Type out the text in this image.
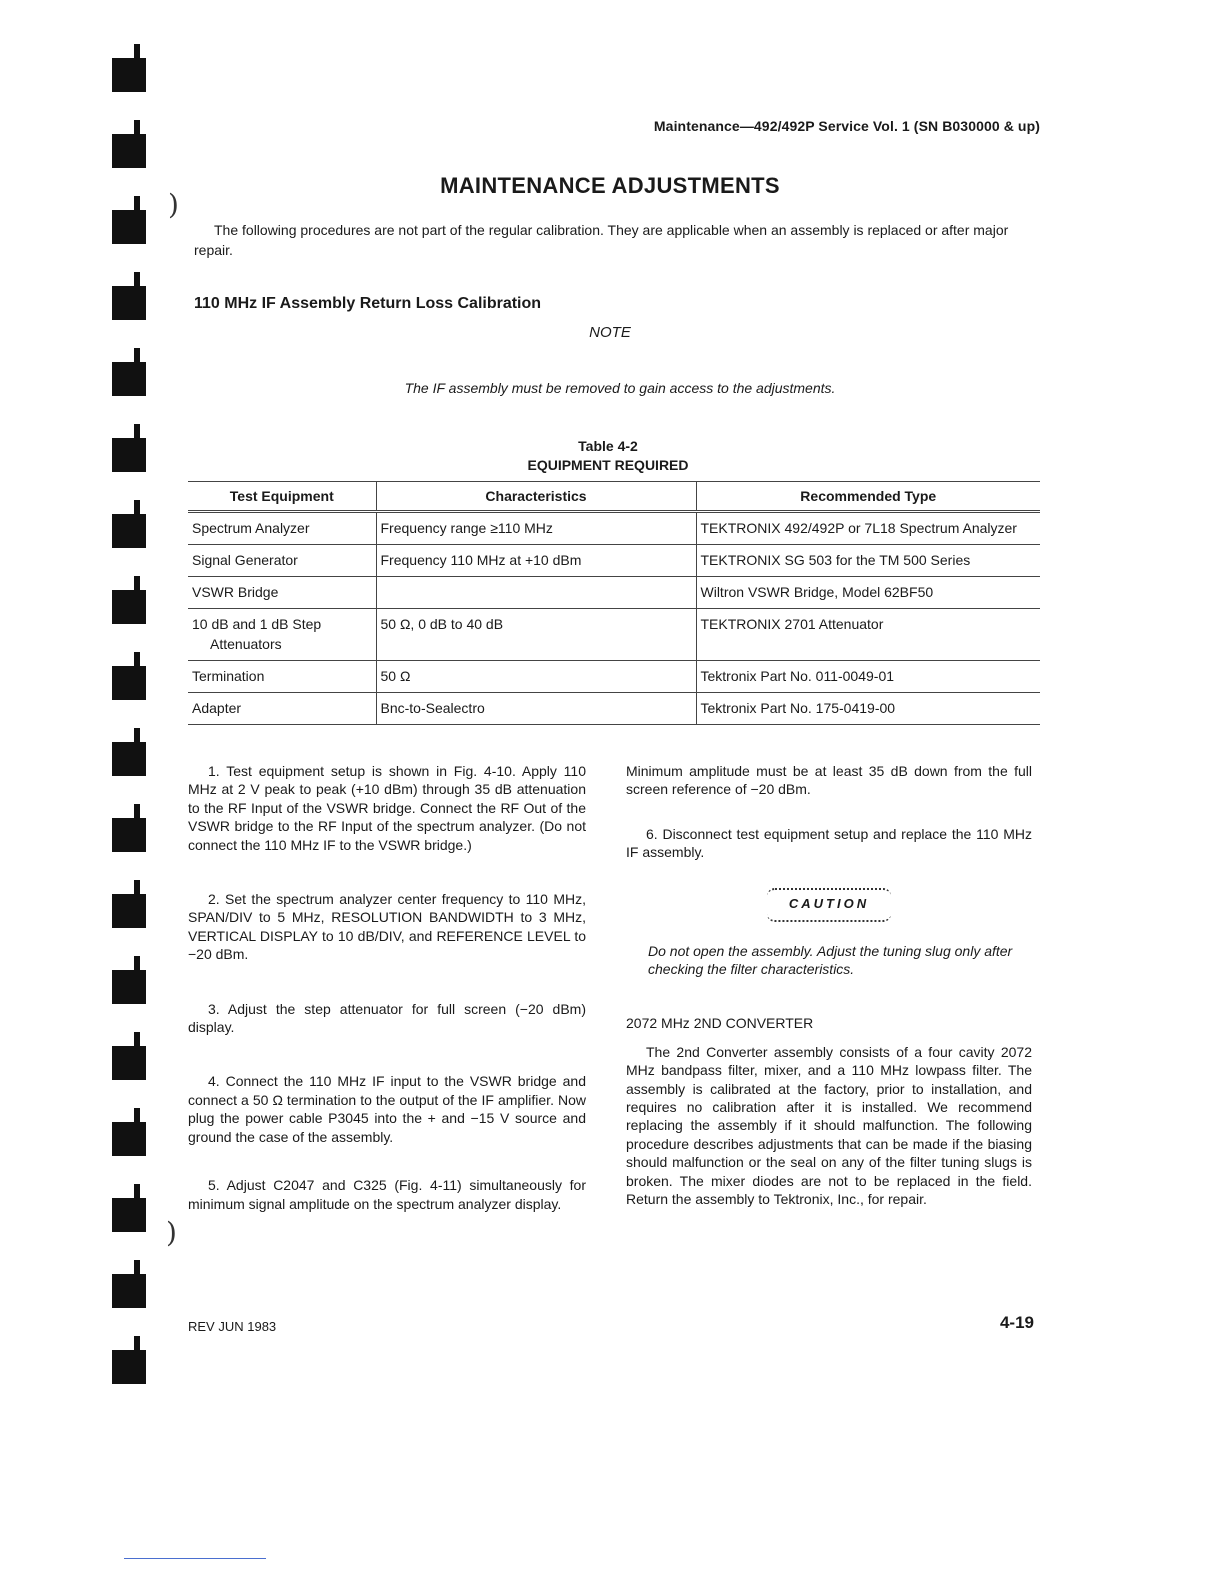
)
)
Maintenance—492/492P Service Vol. 1 (SN B030000 & up)
MAINTENANCE ADJUSTMENTS

The following procedures are not part of the regular calibration. They are applicable when an assembly is replaced or after major repair.

110 MHz IF Assembly Return Loss Calibration
NOTE
The IF assembly must be removed to gain access to the adjustments.
Table 4-2
EQUIPMENT REQUIRED
Test Equipment	Characteristics	Recommended Type
Spectrum Analyzer	Frequency range ≥110 MHz	TEKTRONIX 492/492P or 7L18 Spectrum Analyzer
Signal Generator	Frequency 110 MHz at +10 dBm	TEKTRONIX SG 503 for the TM 500 Series
VSWR Bridge		Wiltron VSWR Bridge, Model 62BF50

10 dB and 1 dB Step Attenuators	50 Ω, 0 dB to 40 dB	TEKTRONIX 2701 Attenuator
Termination	50 Ω	Tektronix Part No. 011-0049-01
Adapter	Bnc-to-Sealectro	Tektronix Part No. 175-0419-00

1. Test equipment setup is shown in Fig. 4-10. Apply 110 MHz at 2 V peak to peak (+10 dBm) through 35 dB attenuation to the RF Input of the VSWR bridge. Connect the RF Out of the VSWR bridge to the RF Input of the spectrum analyzer. (Do not connect the 110 MHz IF to the VSWR bridge.)

2. Set the spectrum analyzer center frequency to 110 MHz, SPAN/DIV to 5 MHz, RESOLUTION BANDWIDTH to 3 MHz, VERTICAL DISPLAY to 10 dB/DIV, and REFERENCE LEVEL to −20 dBm.

3. Adjust the step attenuator for full screen (−20 dBm) display.

4. Connect the 110 MHz IF input to the VSWR bridge and connect a 50 Ω termination to the output of the IF amplifier. Now plug the power cable P3045 into the + and −15 V source and ground the case of the assembly.

5. Adjust C2047 and C325 (Fig. 4-11) simultaneously for minimum signal amplitude on the spectrum analyzer display.

Minimum amplitude must be at least 35 dB down from the full screen reference of −20 dBm.

6. Disconnect test equipment setup and replace the 110 MHz IF assembly.

CAUTION

Do not open the assembly. Adjust the tuning slug only after checking the filter characteristics.

2072 MHz 2ND CONVERTER

The 2nd Converter assembly consists of a four cavity 2072 MHz bandpass filter, mixer, and a 110 MHz lowpass filter. The assembly is calibrated at the factory, prior to installation, and requires no calibration after it is installed. We recommend replacing the assembly if it should malfunction. The following procedure describes adjustments that can be made if the biasing should malfunction or the seal on any of the filter tuning slugs is broken. The mixer diodes are not to be replaced in the field. Return the assembly to Tektronix, Inc., for repair.

REV JUN 1983	4-19
